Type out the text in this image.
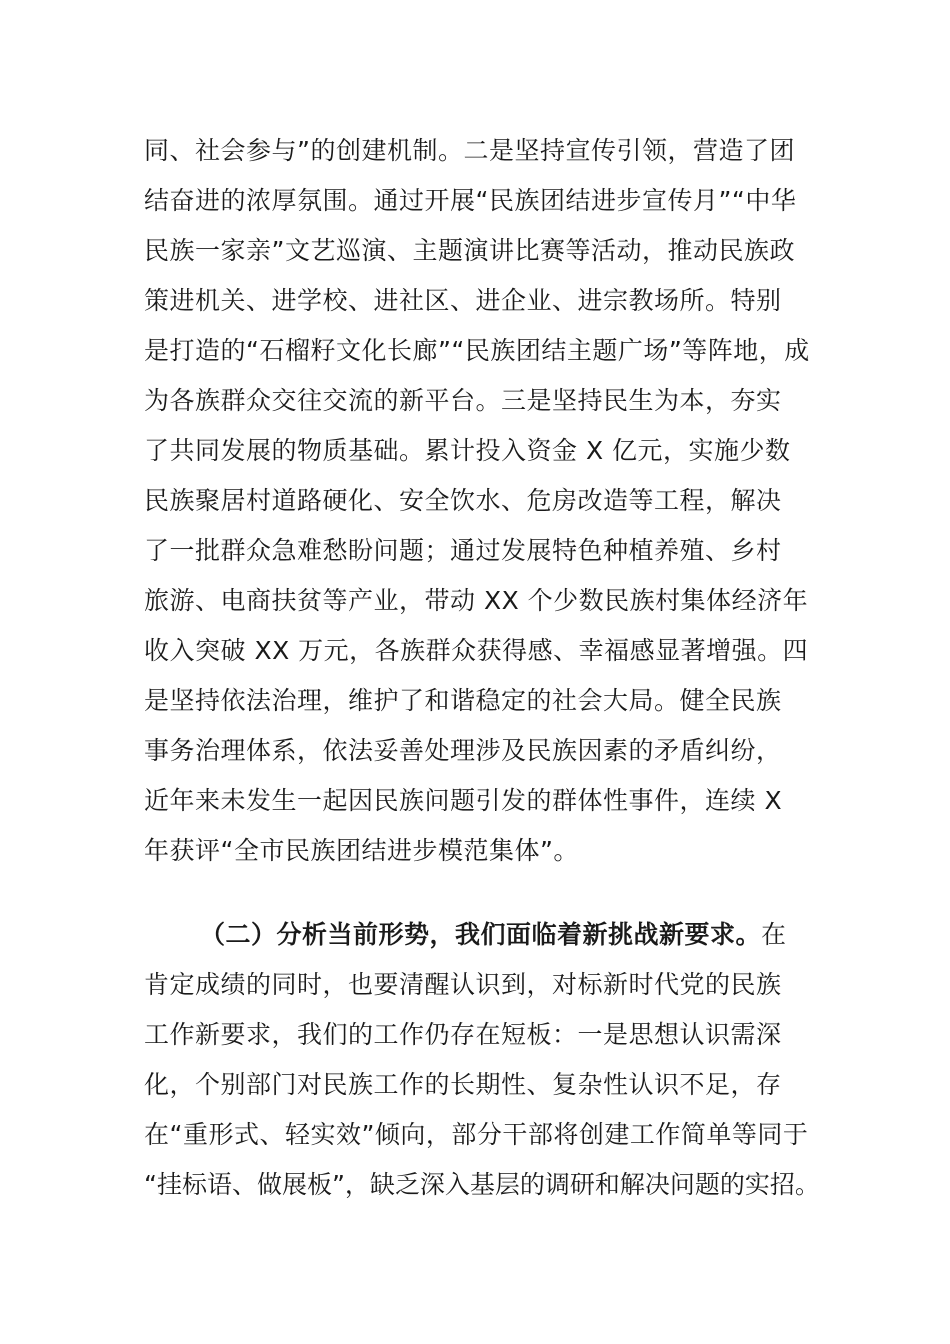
同、社会参与”的创建机制。二是坚持宣传引领，营造了团
结奋进的浓厚氛围。通过开展“民族团结进步宣传月”“中华
民族一家亲”文艺巡演、主题演讲比赛等活动，推动民族政
策进机关、进学校、进社区、进企业、进宗教场所。特别
是打造的“石榴籽文化长廊”“民族团结主题广场”等阵地，成
为各族群众交往交流的新平台。三是坚持民生为本，夯实
了共同发展的物质基础。累计投入资金 X 亿元，实施少数
民族聚居村道路硬化、安全饮水、危房改造等工程，解决
了一批群众急难愁盼问题；通过发展特色种植养殖、乡村
旅游、电商扶贫等产业，带动 XX 个少数民族村集体经济年
收入突破 XX 万元，各族群众获得感、幸福感显著增强。四
是坚持依法治理，维护了和谐稳定的社会大局。健全民族
事务治理体系，依法妥善处理涉及民族因素的矛盾纠纷，
近年来未发生一起因民族问题引发的群体性事件，连续 X
年获评“全市民族团结进步模范集体”。
（二）分析当前形势，我们面临着新挑战新要求。在
肯定成绩的同时，也要清醒认识到，对标新时代党的民族
工作新要求，我们的工作仍存在短板：一是思想认识需深
化，个别部门对民族工作的长期性、复杂性认识不足，存
在“重形式、轻实效”倾向，部分干部将创建工作简单等同于
“挂标语、做展板”，缺乏深入基层的调研和解决问题的实招。
